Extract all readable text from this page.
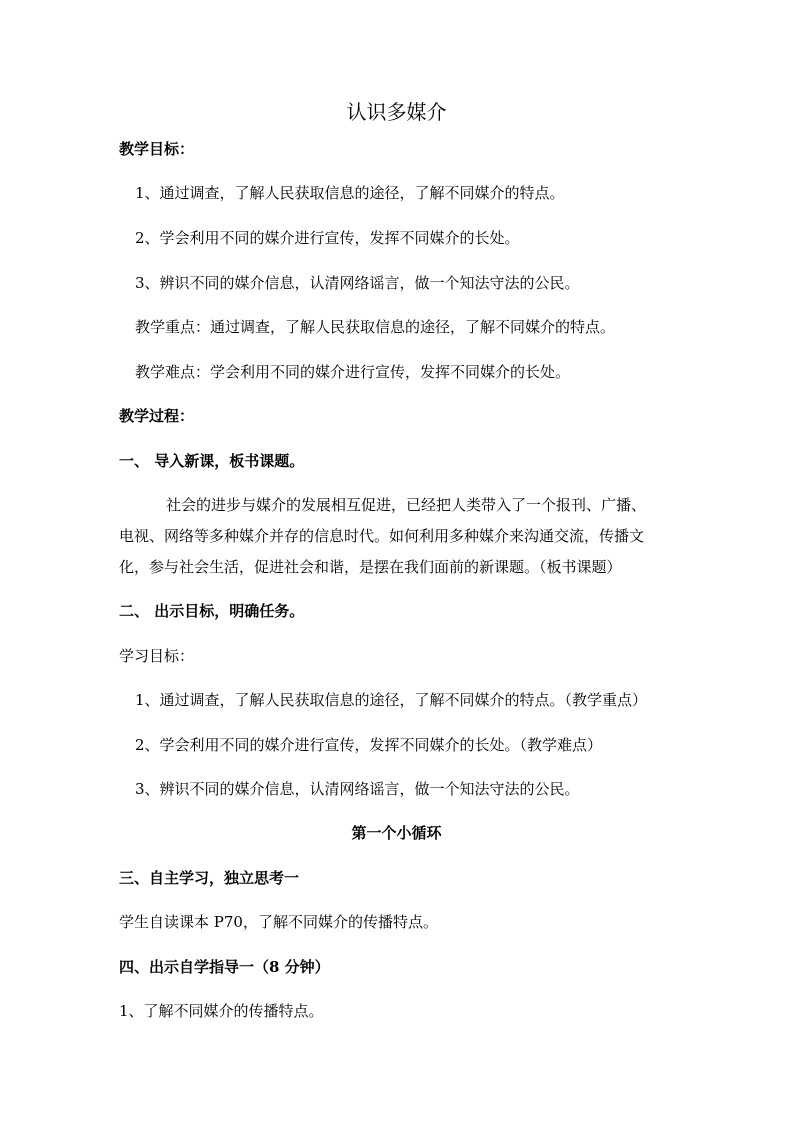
认识多媒介
教学目标：
1、通过调查，了解人民获取信息的途径，了解不同媒介的特点。
2、学会利用不同的媒介进行宣传，发挥不同媒介的长处。
3、辨识不同的媒介信息，认清网络谣言，做一个知法守法的公民。
教学重点：通过调查，了解人民获取信息的途径，了解不同媒介的特点。
教学难点：学会利用不同的媒介进行宣传，发挥不同媒介的长处。
教学过程：
一、 导入新课，板书课题。
社会的进步与媒介的发展相互促进，已经把人类带入了一个报刊、广播、
电视、网络等多种媒介并存的信息时代。如何利用多种媒介来沟通交流，传播文
化，参与社会生活，促进社会和谐，是摆在我们面前的新课题。（板书课题）
二、 出示目标，明确任务。
学习目标：
1、通过调查，了解人民获取信息的途径，了解不同媒介的特点。（教学重点）
2、学会利用不同的媒介进行宣传，发挥不同媒介的长处。（教学难点）
3、辨识不同的媒介信息，认清网络谣言，做一个知法守法的公民。
第一个小循环
三、自主学习，独立思考一
学生自读课本 P70，了解不同媒介的传播特点。
四、出示自学指导一（8 分钟）
1、了解不同媒介的传播特点。
